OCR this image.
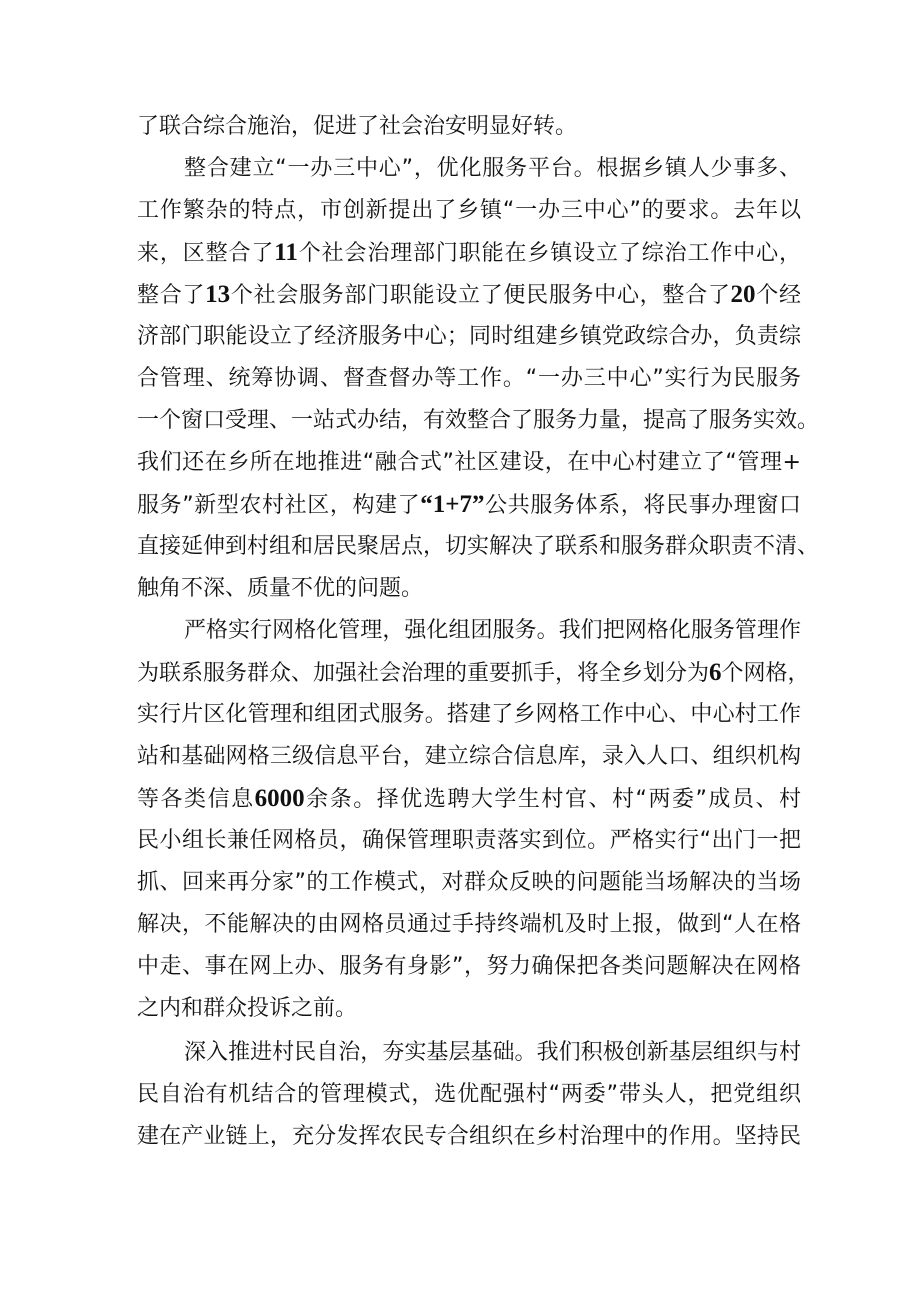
了联合综合施治，促进了社会治安明显好转。
整合建立“一办三中心”，优化服务平台。根据乡镇人少事多、
工作繁杂的特点，市创新提出了乡镇“一办三中心”的要求。去年以
来，区整合了11个社会治理部门职能在乡镇设立了综治工作中心，
整合了13个社会服务部门职能设立了便民服务中心，整合了20个经
济部门职能设立了经济服务中心；同时组建乡镇党政综合办，负责综
合管理、统筹协调、督查督办等工作。“一办三中心”实行为民服务
一个窗口受理、一站式办结，有效整合了服务力量，提高了服务实效。
我们还在乡所在地推进“融合式”社区建设，在中心村建立了“管理+
服务”新型农村社区，构建了“1+7”公共服务体系，将民事办理窗口
直接延伸到村组和居民聚居点，切实解决了联系和服务群众职责不清、
触角不深、质量不优的问题。
严格实行网格化管理，强化组团服务。我们把网格化服务管理作
为联系服务群众、加强社会治理的重要抓手，将全乡划分为6个网格，
实行片区化管理和组团式服务。搭建了乡网格工作中心、中心村工作
站和基础网格三级信息平台，建立综合信息库，录入人口、组织机构
等各类信息6000余条。择优选聘大学生村官、村“两委”成员、村
民小组长兼任网格员，确保管理职责落实到位。严格实行“出门一把
抓、回来再分家”的工作模式，对群众反映的问题能当场解决的当场
解决，不能解决的由网格员通过手持终端机及时上报，做到“人在格
中走、事在网上办、服务有身影”，努力确保把各类问题解决在网格
之内和群众投诉之前。
深入推进村民自治，夯实基层基础。我们积极创新基层组织与村
民自治有机结合的管理模式，选优配强村“两委”带头人，把党组织
建在产业链上，充分发挥农民专合组织在乡村治理中的作用。坚持民
